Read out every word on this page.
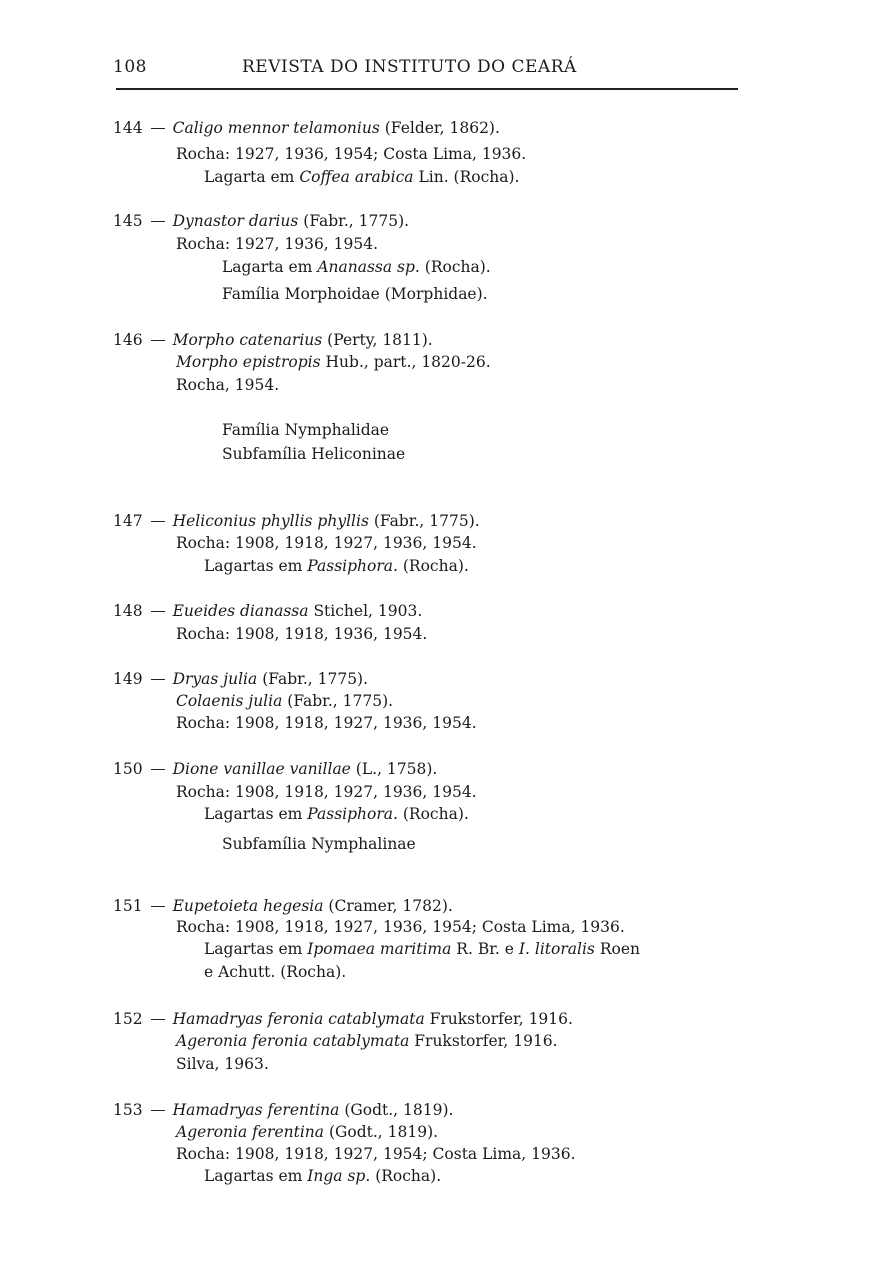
108	REVISTA DO INSTITUTO DO CEARÁ
144 Caligo mennor telamonius (Felder, 1862).
Rocha: 1927, 1936, 1954; Costa Lima, 1936.
Lagarta em Coffea arabica Lin. (Rocha).
145 Dynastor darius (Fabr., 1775).
Rocha: 1927, 1936, 1954.
Lagarta em Ananassa sp. (Rocha).
Família Morphoidae (Morphidae).
146 Morpho catenarius (Perty, 1811).
Morpho epistropis Hub., part., 1820-26.
Rocha, 1954.
Família Nymphalidae
Subfamília Heliconinae
147 Heliconius phyllis phyllis (Fabr., 1775).
Rocha: 1908, 1918, 1927, 1936, 1954.
Lagartas em Passiphora. (Rocha).
148 Eueides dianassa Stichel, 1903.
Rocha: 1908, 1918, 1936, 1954.
149 Dryas julia (Fabr., 1775).
Colaenis julia (Fabr., 1775).
Rocha: 1908, 1918, 1927, 1936, 1954.
150 Dione vanillae vanillae (L., 1758).
Rocha: 1908, 1918, 1927, 1936, 1954.
Lagartas em Passiphora. (Rocha).
Subfamília Nymphalinae
151 Eupetoieta hegesia (Cramer, 1782).
Rocha: 1908, 1918, 1927, 1936, 1954; Costa Lima, 1936.
Lagartas em Ipomaea maritima R. Br. e I. litoralis Roen
e Achutt. (Rocha).
152 Hamadryas feronia catablymata Frukstorfer, 1916.
Ageronia feronia catablymata Frukstorfer, 1916.
Silva, 1963.
153 Hamadryas ferentina (Godt., 1819).
Ageronia ferentina (Godt., 1819).
Rocha: 1908, 1918, 1927, 1954; Costa Lima, 1936.
Lagartas em Inga sp. (Rocha).
